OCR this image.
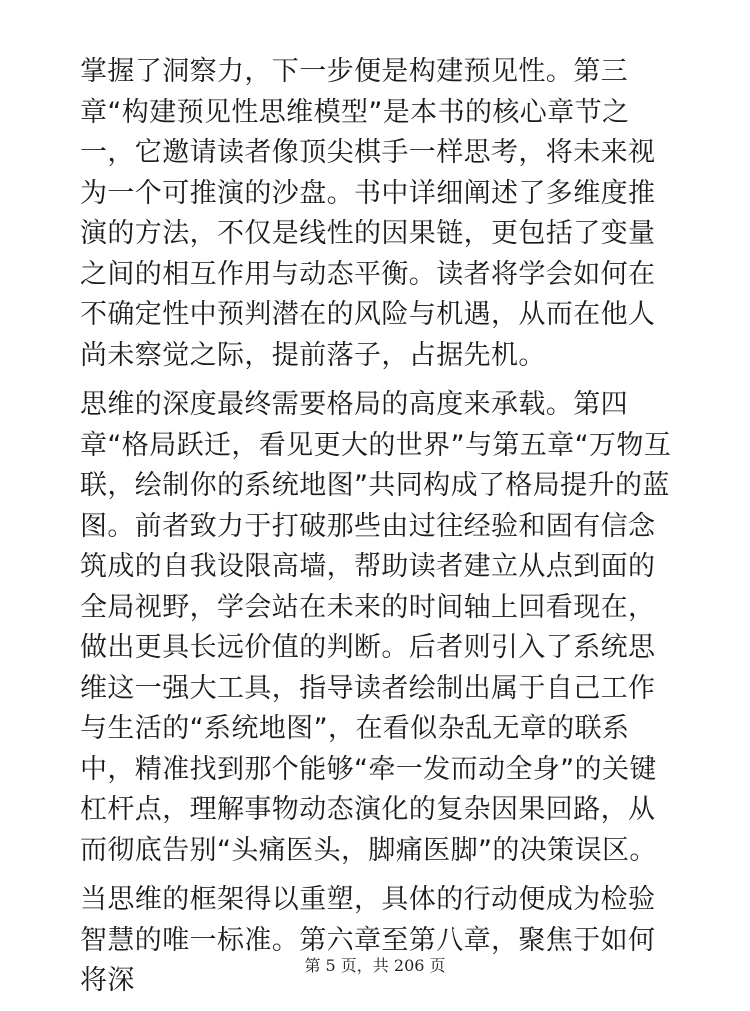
掌握了洞察力，下一步便是构建预见性。第三章“构建预见性思维模型”是本书的核心章节之一，它邀请读者像顶尖棋手一样思考，将未来视为一个可推演的沙盘。书中详细阐述了多维度推演的方法，不仅是线性的因果链，更包括了变量之间的相互作用与动态平衡。读者将学会如何在不确定性中预判潜在的风险与机遇，从而在他人尚未察觉之际，提前落子，占据先机。

思维的深度最终需要格局的高度来承载。第四章“格局跃迁，看见更大的世界”与第五章“万物互联，绘制你的系统地图”共同构成了格局提升的蓝图。前者致力于打破那些由过往经验和固有信念筑成的自我设限高墙，帮助读者建立从点到面的全局视野，学会站在未来的时间轴上回看现在，做出更具长远价值的判断。后者则引入了系统思维这一强大工具，指导读者绘制出属于自己工作与生活的“系统地图”，在看似杂乱无章的联系中，精准找到那个能够“牵一发而动全身”的关键杠杆点，理解事物动态演化的复杂因果回路，从而彻底告别“头痛医头，脚痛医脚”的决策误区。

当思维的框架得以重塑，具体的行动便成为检验智慧的唯一标准。第六章至第八章，聚焦于如何将深	第 5 页，共 206 页
